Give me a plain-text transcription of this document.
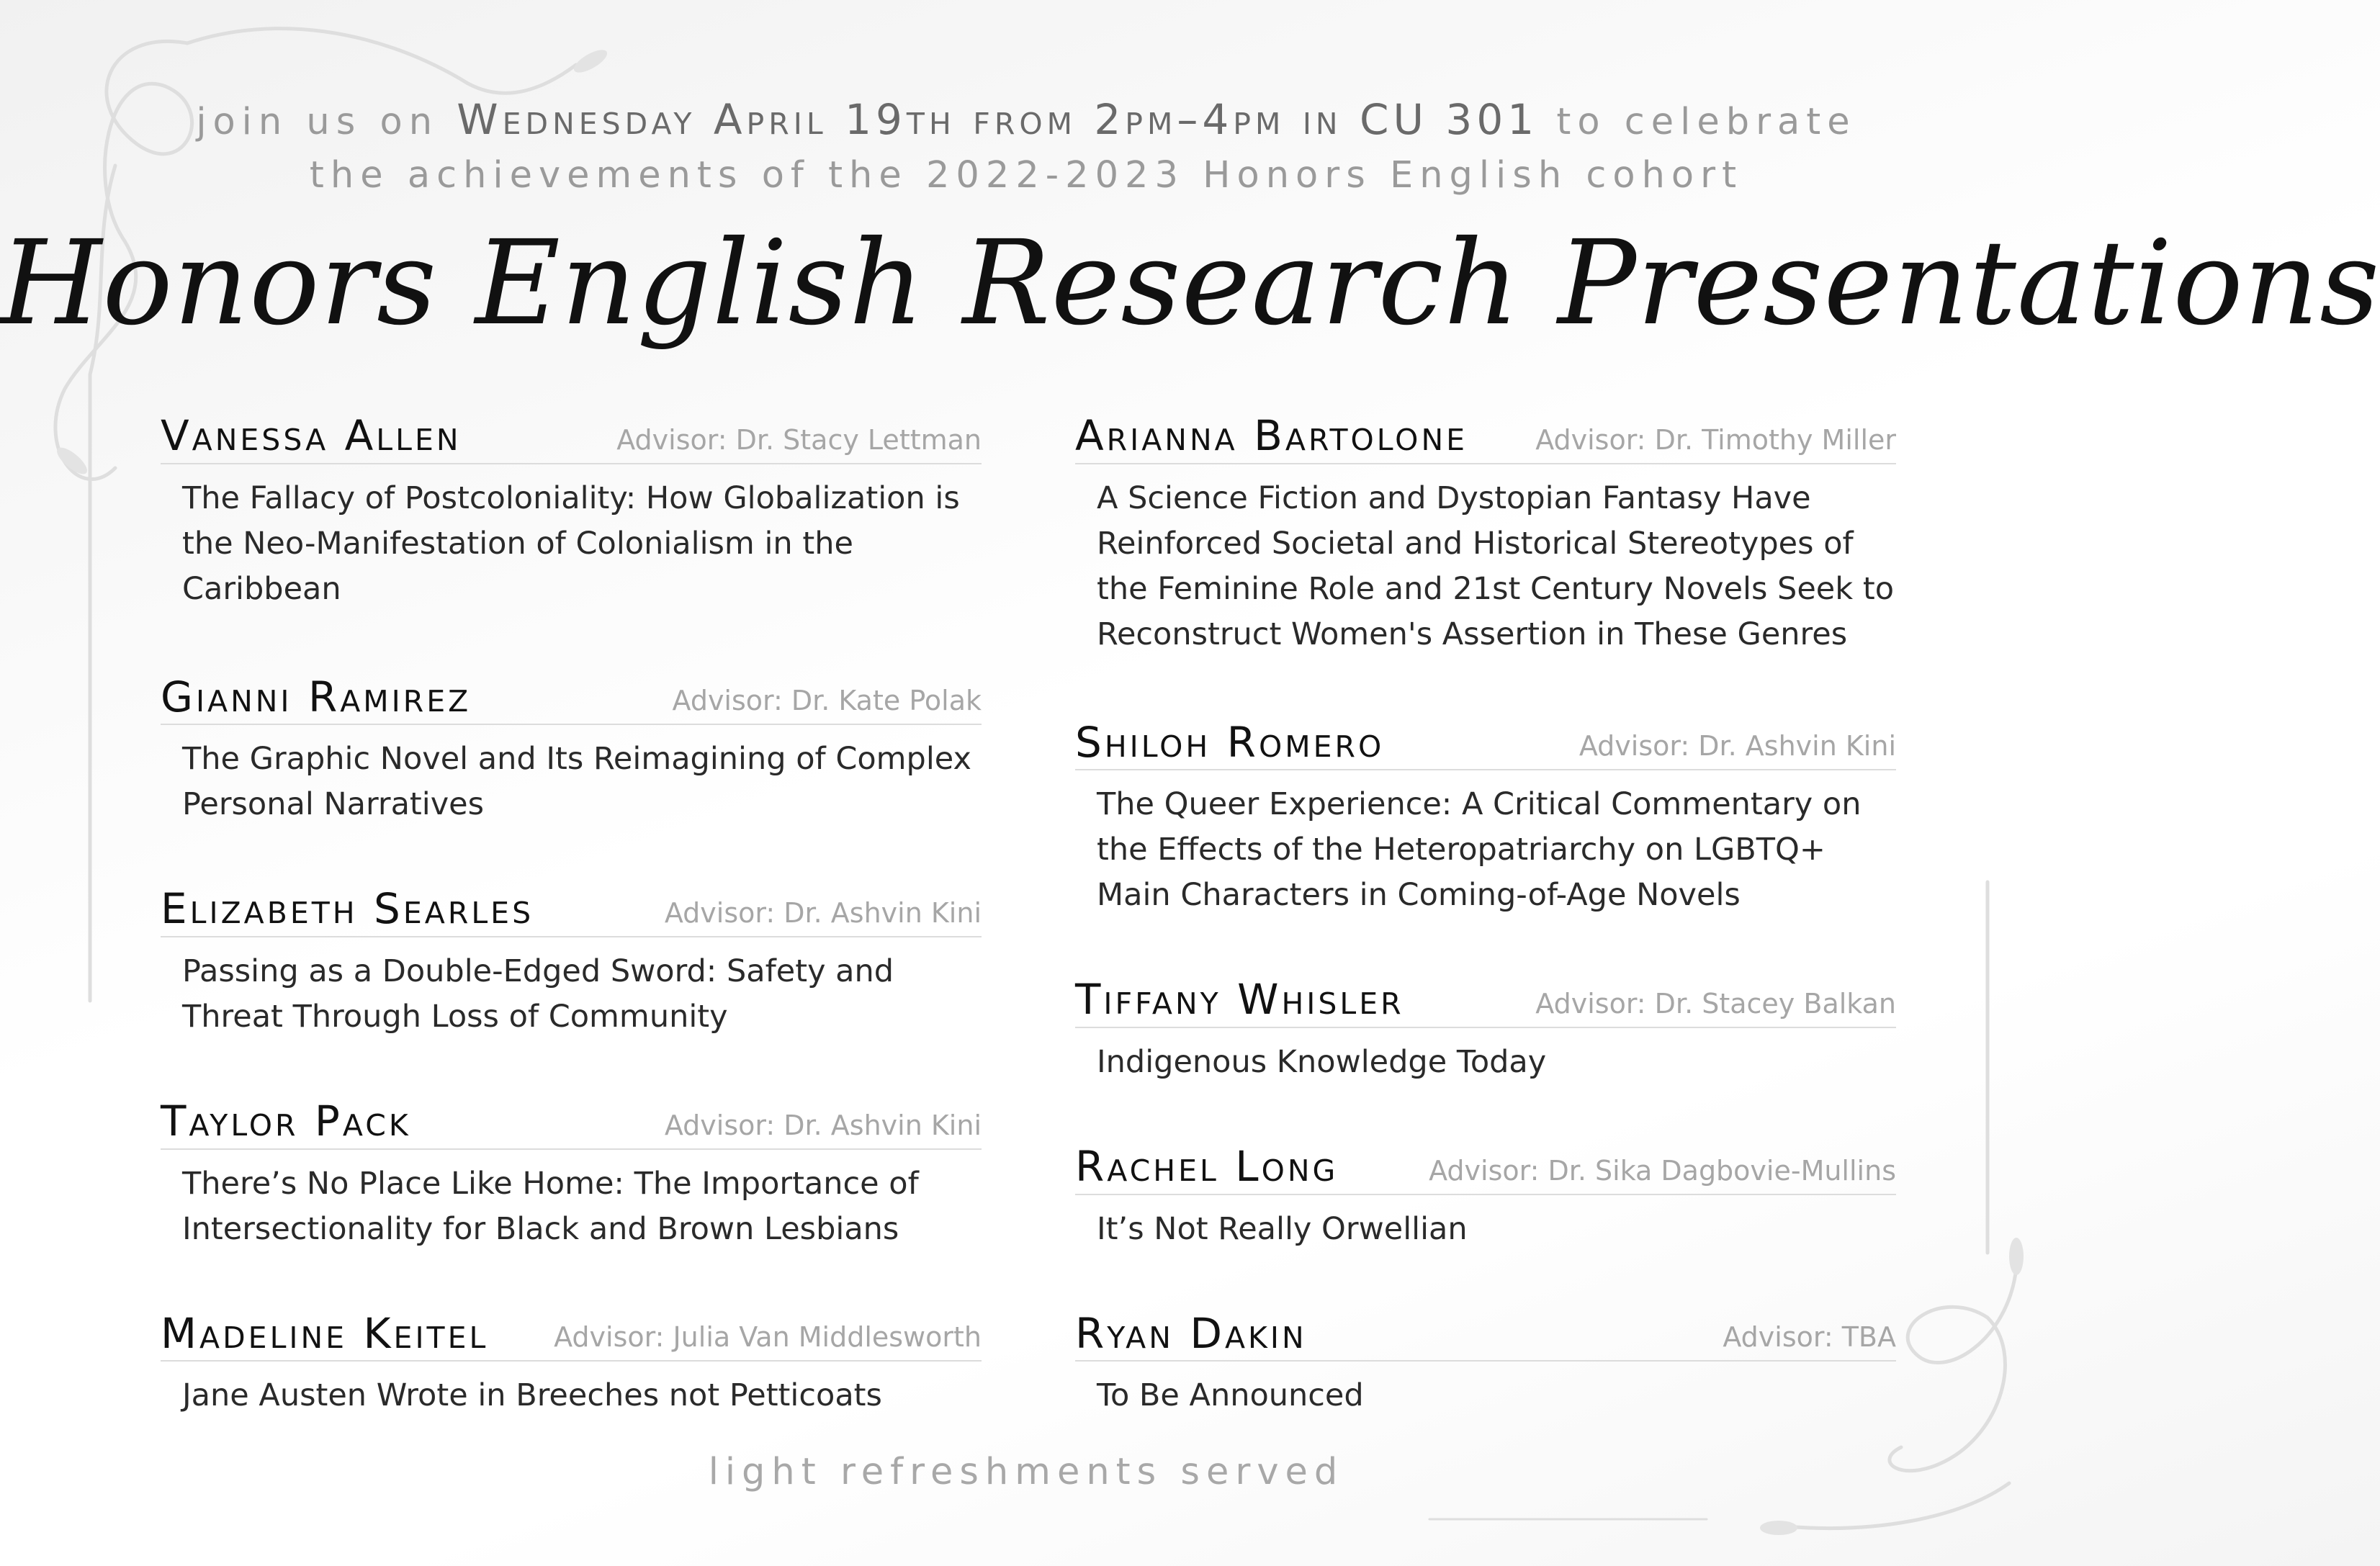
join us on Wednesday April 19th from 2pm–4pm in CU 301 to celebrate
the achievements of the 2022-2023 Honors English cohort
Honors English Research Presentations
Vanessa Allen	Advisor: Dr. Stacy Lettman
The Fallacy of Postcoloniality: How Globalization is the Neo-Manifestation of Colonialism in the Caribbean
Gianni Ramirez	Advisor: Dr. Kate Polak
The Graphic Novel and Its Reimagining of Complex Personal Narratives
Elizabeth Searles	Advisor: Dr. Ashvin Kini
Passing as a Double-Edged Sword: Safety and Threat Through Loss of Community
Taylor Pack	Advisor: Dr. Ashvin Kini
There’s No Place Like Home: The Importance of Intersectionality for Black and Brown Lesbians
Madeline Keitel Advisor: Julia Van Middlesworth
Jane Austen Wrote in Breeches not Petticoats
Arianna Bartolone Advisor: Dr. Timothy Miller
A Science Fiction and Dystopian Fantasy Have Reinforced Societal and Historical Stereotypes of the Feminine Role and 21st Century Novels Seek to Reconstruct Women's Assertion in These Genres
Shiloh Romero	Advisor: Dr. Ashvin Kini
The Queer Experience: A Critical Commentary on the Effects of the Heteropatriarchy on LGBTQ+ Main Characters in Coming-of-Age Novels
Tiffany Whisler	Advisor: Dr. Stacey Balkan
Indigenous Knowledge Today
Rachel Long	Advisor: Dr. Sika Dagbovie-Mullins
It’s Not Really Orwellian
Ryan Dakin	Advisor: TBA
To Be Announced
light refreshments served
